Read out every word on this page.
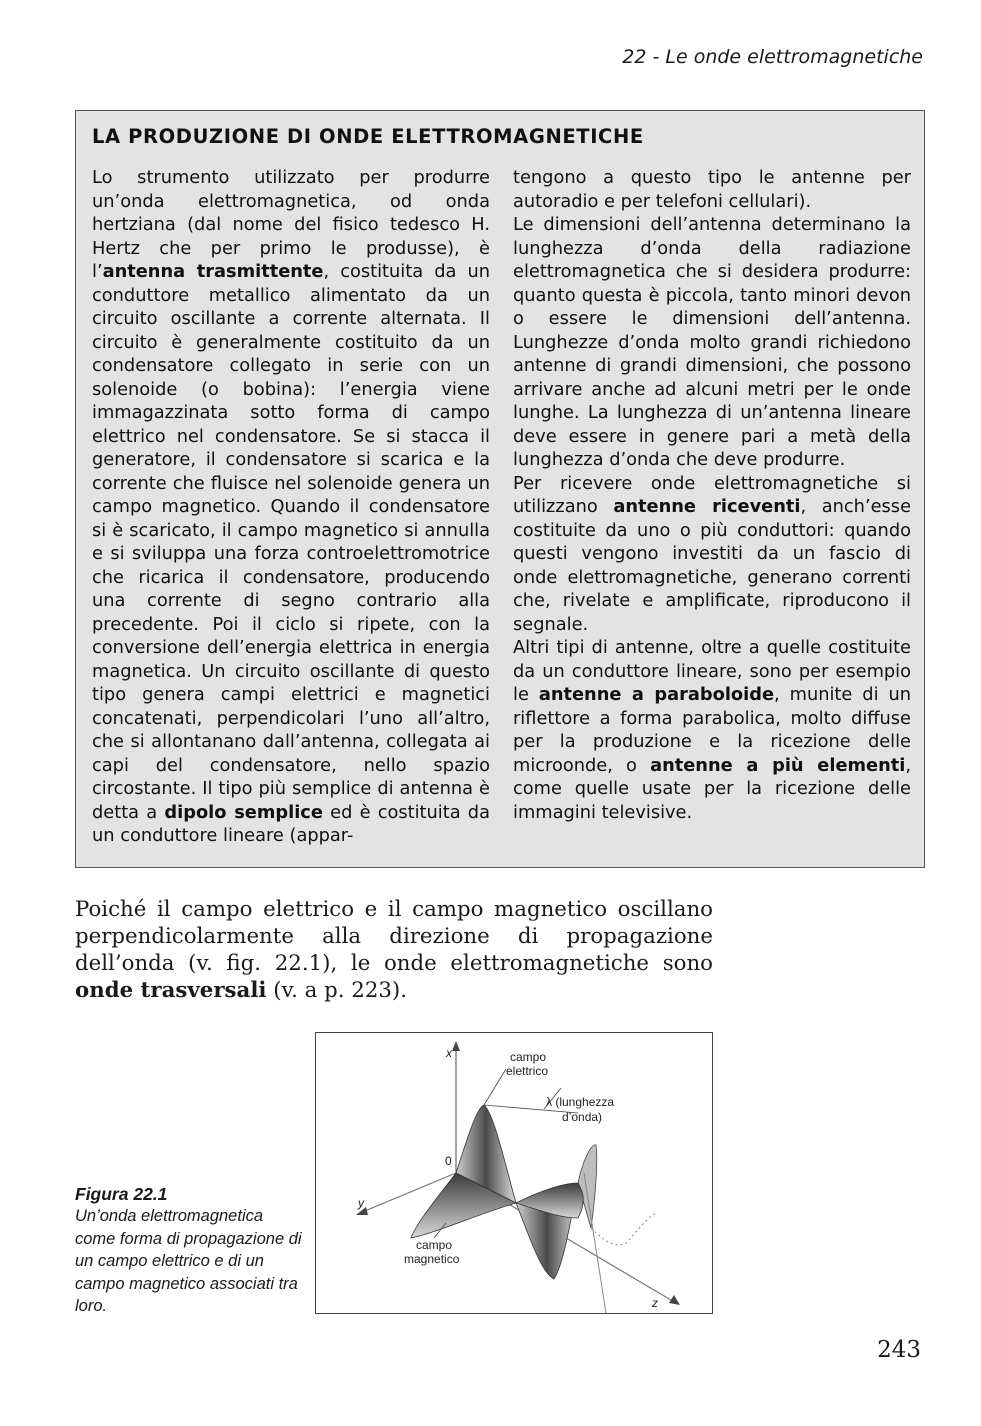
22 - Le onde elettromagnetiche
LA PRODUZIONE DI ONDE ELETTROMAGNETICHE

Lo strumento utilizzato per produrre un’onda elettromagnetica, od onda hertziana (dal nome del fisico tedesco H. Hertz che per primo le produsse), è l’antenna trasmittente, costituita da un conduttore metallico alimentato da un circuito oscillante a corrente alternata. Il circuito è generalmente costituito da un condensatore collegato in serie con un solenoide (o bobina): l’energia viene immagazzinata sotto forma di campo elettrico nel condensatore. Se si stacca il generatore, il condensatore si scarica e la corrente che fluisce nel solenoide genera un campo magnetico. Quando il condensatore si è scaricato, il campo magnetico si annulla e si sviluppa una forza controelettromotrice che ricarica il condensatore, producendo una corrente di segno contrario alla precedente. Poi il ciclo si ripete, con la conversione dell’energia elettrica in energia magnetica. Un circuito oscillante di questo tipo genera campi elettrici e magnetici concatenati, perpendicolari l’uno all’altro, che si allontanano dall’antenna, collegata ai capi del condensatore, nello spazio circostante. Il tipo più semplice di antenna è detta a dipolo semplice ed è costituita da un conduttore lineare (appar-

tengono a questo tipo le antenne per autoradio e per telefoni cellulari).

Le dimensioni dell’antenna determinano la lunghezza d’onda della radiazione elettromagnetica che si desidera produrre: quanto questa è piccola, tanto minori devon o essere le dimensioni dell’antenna. Lunghezze d’onda molto grandi richiedono antenne di grandi dimensioni, che possono arrivare anche ad alcuni metri per le onde lunghe. La lunghezza di un’antenna lineare deve essere in genere pari a metà della lunghezza d’onda che deve produrre.

Per ricevere onde elettromagnetiche si utilizzano antenne riceventi, anch’esse costituite da uno o più conduttori: quando questi vengono investiti da un fascio di onde elettromagnetiche, generano correnti che, rivelate e amplificate, riproducono il segnale.

Altri tipi di antenne, oltre a quelle costituite da un conduttore lineare, sono per esempio le antenne a paraboloide, munite di un riflettore a forma parabolica, molto diffuse per la produzione e la ricezione delle microonde, o antenne a più elementi, come quelle usate per la ricezione delle immagini televisive.

Poiché il campo elettrico e il campo magnetico oscillano perpendicolarmente alla direzione di propagazione dell’onda (v. fig. 22.1), le onde elettromagnetiche sono onde trasversali (v. a p. 223).
Figura 22.1
Un’onda elettromagnetica come forma di propagazione di un campo elettrico e di un campo magnetico associati tra loro.
x
y
z
0
campo
elettrico
λ (lunghezza
d’onda)
campo
magnetico
243
